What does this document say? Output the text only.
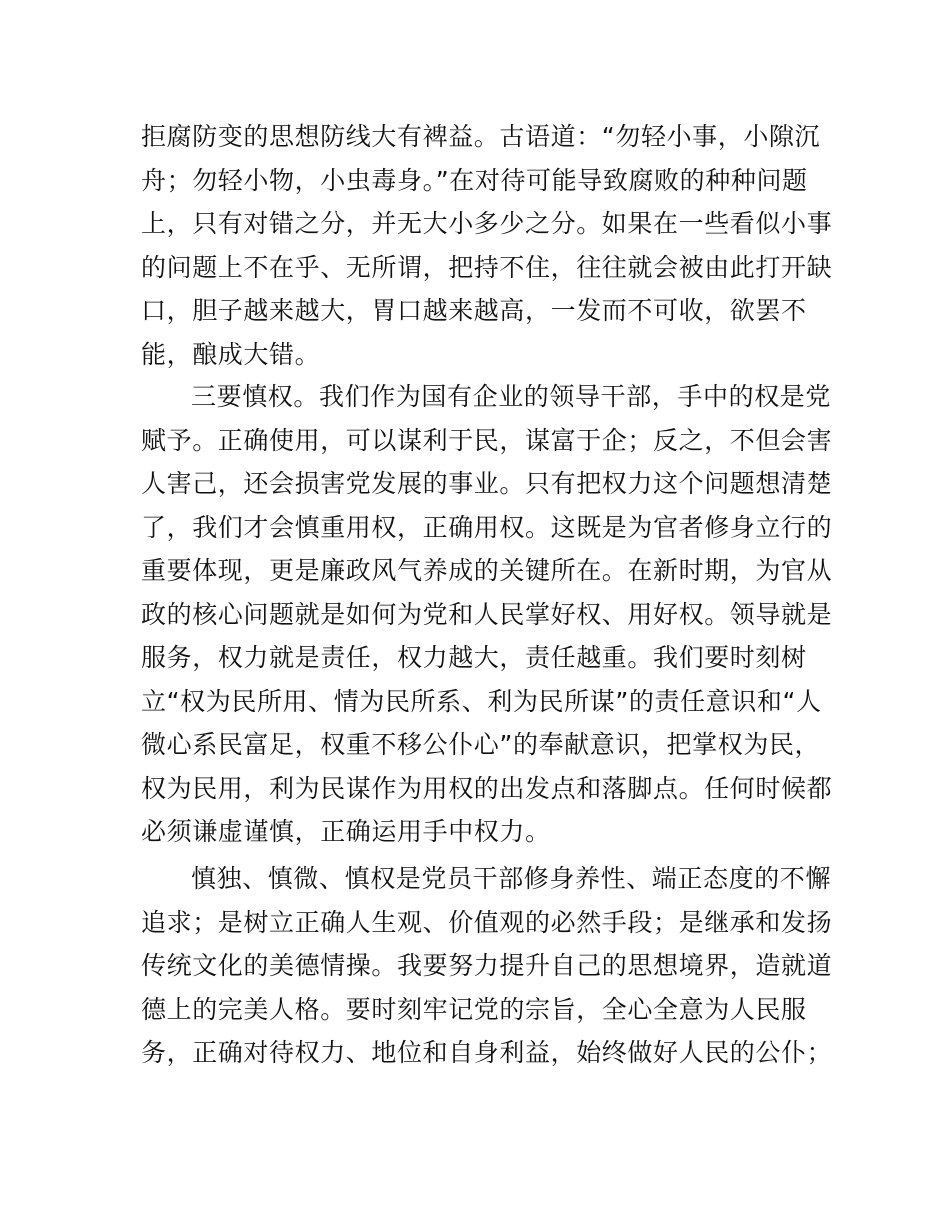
拒腐防变的思想防线大有裨益。古语道：“勿轻小事，小隙沉
舟；勿轻小物，小虫毒身。”在对待可能导致腐败的种种问题
上，只有对错之分，并无大小多少之分。如果在一些看似小事
的问题上不在乎、无所谓，把持不住，往往就会被由此打开缺
口，胆子越来越大，胃口越来越高，一发而不可收，欲罢不
能，酿成大错。
三要慎权。我们作为国有企业的领导干部，手中的权是党
赋予。正确使用，可以谋利于民，谋富于企；反之，不但会害
人害己，还会损害党发展的事业。只有把权力这个问题想清楚
了，我们才会慎重用权，正确用权。这既是为官者修身立行的
重要体现，更是廉政风气养成的关键所在。在新时期，为官从
政的核心问题就是如何为党和人民掌好权、用好权。领导就是
服务，权力就是责任，权力越大，责任越重。我们要时刻树
立“权为民所用、情为民所系、利为民所谋”的责任意识和“人
微心系民富足，权重不移公仆心”的奉献意识，把掌权为民，
权为民用，利为民谋作为用权的出发点和落脚点。任何时候都
必须谦虚谨慎，正确运用手中权力。
慎独、慎微、慎权是党员干部修身养性、端正态度的不懈
追求；是树立正确人生观、价值观的必然手段；是继承和发扬
传统文化的美德情操。我要努力提升自己的思想境界，造就道
德上的完美人格。要时刻牢记党的宗旨，全心全意为人民服
务，正确对待权力、地位和自身利益，始终做好人民的公仆；
